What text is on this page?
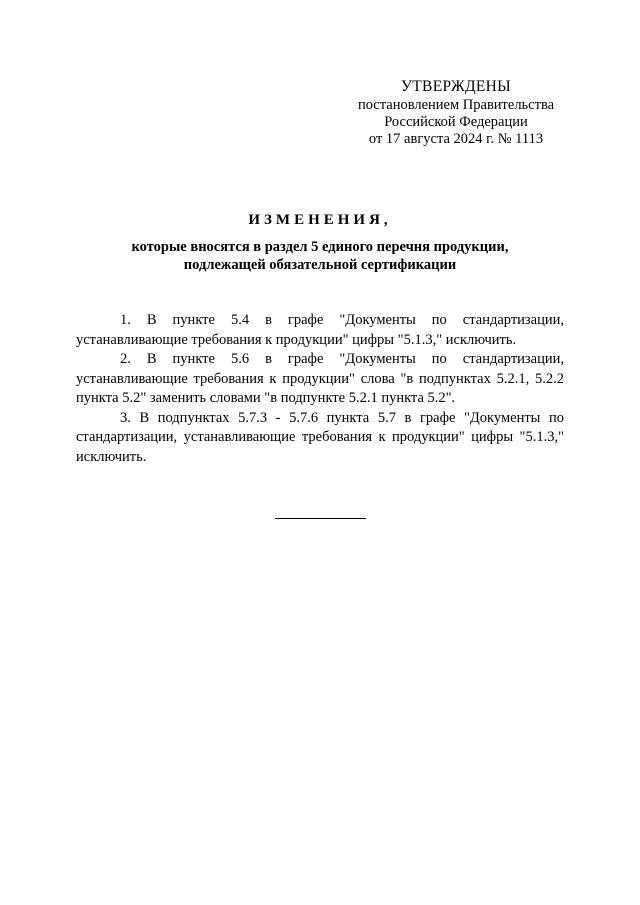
УТВЕРЖДЕНЫ
постановлением Правительства
Российской Федерации
от 17 августа 2024 г. № 1113
ИЗМЕНЕНИЯ,
которые вносятся в раздел 5 единого перечня продукции,
подлежащей обязательной сертификации

1. В пункте 5.4 в графе "Документы по стандартизации, устанавливающие требования к продукции" цифры "5.1.3," исключить.

2. В пункте 5.6 в графе "Документы по стандартизации, устанавливающие требования к продукции" слова "в подпунктах 5.2.1, 5.2.2 пункта 5.2" заменить словами "в подпункте 5.2.1 пункта 5.2".

3. В подпунктах 5.7.3 - 5.7.6 пункта 5.7 в графе "Документы по стандартизации, устанавливающие требования к продукции" цифры "5.1.3," исключить.
